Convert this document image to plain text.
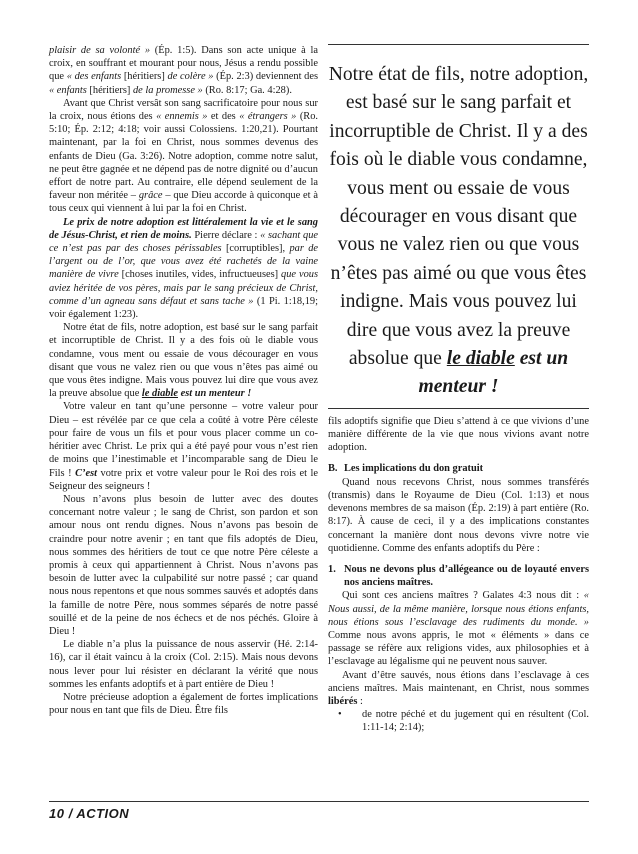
plaisir de sa volonté » (Ép. 1:5). Dans son acte unique à la croix, en souffrant et mourant pour nous, Jésus a rendu possible que « des enfants [héritiers] de colère » (Ép. 2:3) deviennent des « enfants [héritiers] de la promesse » (Ro. 8:17; Ga. 4:28).

Avant que Christ versât son sang sacrificatoire pour nous sur la croix, nous étions des « ennemis » et des « étrangers » (Ro. 5:10; Ép. 2:12; 4:18; voir aussi Colossiens. 1:20,21). Pourtant maintenant, par la foi en Christ, nous sommes devenus des enfants de Dieu (Ga. 3:26). Notre adoption, comme notre salut, ne peut être gagnée et ne dépend pas de notre dignité ou d’aucun effort de notre part. Au contraire, elle dépend seulement de la faveur non méritée – grâce – que Dieu accorde à quiconque et à tous ceux qui viennent à lui par la foi en Christ.

Le prix de notre adoption est littéralement la vie et le sang de Jésus-Christ, et rien de moins. Pierre déclare : « sachant que ce n’est pas par des choses périssables [corruptibles], par de l’argent ou de l’or, que vous avez été rachetés de la vaine manière de vivre [choses inutiles, vides, infructueuses] que vous aviez héritée de vos pères, mais par le sang précieux de Christ, comme d’un agneau sans défaut et sans tache » (1 Pi. 1:18,19; voir également 1:23).

Notre état de fils, notre adoption, est basé sur le sang parfait et incorruptible de Christ. Il y a des fois où le diable vous condamne, vous ment ou essaie de vous décourager en vous disant que vous ne valez rien ou que vous n’êtes pas aimé ou que vous êtes indigne. Mais vous pouvez lui dire que vous avez la preuve absolue que le diable est un menteur !

Votre valeur en tant qu’une personne – votre valeur pour Dieu – est révélée par ce que cela a coûté à votre Père céleste pour faire de vous un fils et pour vous placer comme un co-héritier avec Christ. Le prix qui a été payé pour vous n’est rien de moins que l’inestimable et l’incomparable sang de Dieu le Fils ! C’est votre prix et votre valeur pour le Roi des rois et le Seigneur des seigneurs !

Nous n’avons plus besoin de lutter avec des doutes concernant notre valeur ; le sang de Christ, son pardon et son amour nous ont rendu dignes. Nous n’avons pas besoin de craindre pour notre avenir ; en tant que fils adoptés de Dieu, nous sommes des héritiers de tout ce que notre Père céleste a promis à ceux qui appartiennent à Christ. Nous n’avons pas besoin de lutter avec la culpabilité sur notre passé ; car quand nous nous repentons et que nous sommes sauvés et adoptés dans la famille de notre Père, nous sommes séparés de notre passé souillé et de la peine de nos échecs et de nos péchés. Gloire à Dieu !

Le diable n’a plus la puissance de nous asservir (Hé. 2:14-16), car il était vaincu à la croix (Col. 2:15). Mais nous devons nous lever pour lui résister en déclarant la vérité que nous sommes les enfants adoptifs et à part entière de Dieu !

Notre précieuse adoption a également de fortes implications pour nous en tant que fils de Dieu. Être fils

Notre état de fils, notre adoption, est basé sur le sang parfait et incorruptible de Christ. Il y a des fois où le diable vous condamne, vous ment ou essaie de vous décourager en vous disant que vous ne valez rien ou que vous n’êtes pas aimé ou que vous êtes indigne. Mais vous pouvez lui dire que vous avez la preuve absolue que le diable est un menteur !

fils adoptifs signifie que Dieu s’attend à ce que vivions d’une manière différente de la vie que nous vivions avant notre adoption.

B. Les implications du don gratuit

Quand nous recevons Christ, nous sommes transférés (transmis) dans le Royaume de Dieu (Col. 1:13) et nous devenons membres de sa maison (Ép. 2:19) à part entière (Ro. 8:17). À cause de ceci, il y a des implications constantes concernant la manière dont nous devons vivre notre vie quotidienne. Comme des enfants adoptifs du Père :

1. Nous ne devons plus d’allégeance ou de loyauté envers nos anciens maîtres.

Qui sont ces anciens maîtres ? Galates 4:3 nous dit : « Nous aussi, de la même manière, lorsque nous étions enfants, nous étions sous l’esclavage des rudiments du monde. » Comme nous avons appris, le mot « éléments » dans ce passage se réfère aux religions vides, aux philosophies et à l’esclavage au légalisme qui ne peuvent nous sauver.

Avant d’être sauvés, nous étions dans l’esclavage à ces anciens maîtres. Mais maintenant, en Christ, nous sommes libérés :

•	de notre péché et du jugement qui en résultent (Col. 1:11-14; 2:14);
10 / ACTION
